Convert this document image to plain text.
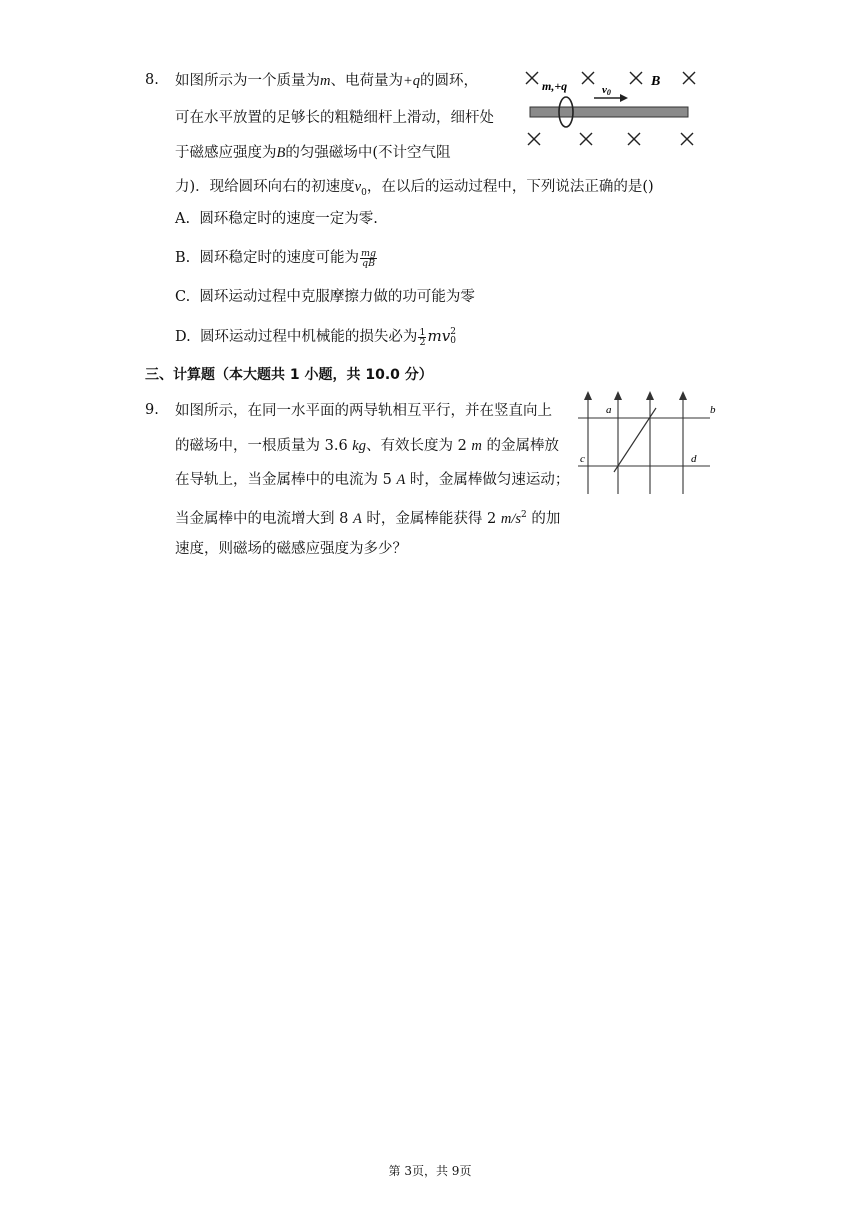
8. 如图所示为一个质量为m、电荷量为+q的圆环，
可在水平放置的足够长的粗糙细杆上滑动，细杆处
于磁感应强度为B的匀强磁场中(不计空气阻
力)．现给圆环向右的初速度$v_0$，在以后的运动过程中，下列说法正确的是()
A. 圆环稳定时的速度一定为零.
B. 圆环稳定时的速度可能为 $\frac{mg}{qB}$
C. 圆环运动过程中克服摩擦力做的功可能为零
D. 圆环运动过程中机械能的损失必为 $\frac{1}{2}$ mv 2
0
m,+q	v0
B
三、计算题（本大题共 1 小题，共 10.0 分）
9. 如图所示，在同一水平面的两导轨相互平行，并在竖直向上
的磁场中，一根质量为 3.6 kg、有效长度为 2 m 的金属棒放
在导轨上，当金属棒中的电流为 5 A 时，金属棒做匀速运动；
当金属棒中的电流增大到 8 A 时，金属棒能获得 2 $m/s^2$ 的加
速度，则磁场的磁感应强度为多少？
a	b
c	d
第 3页，共 9页
